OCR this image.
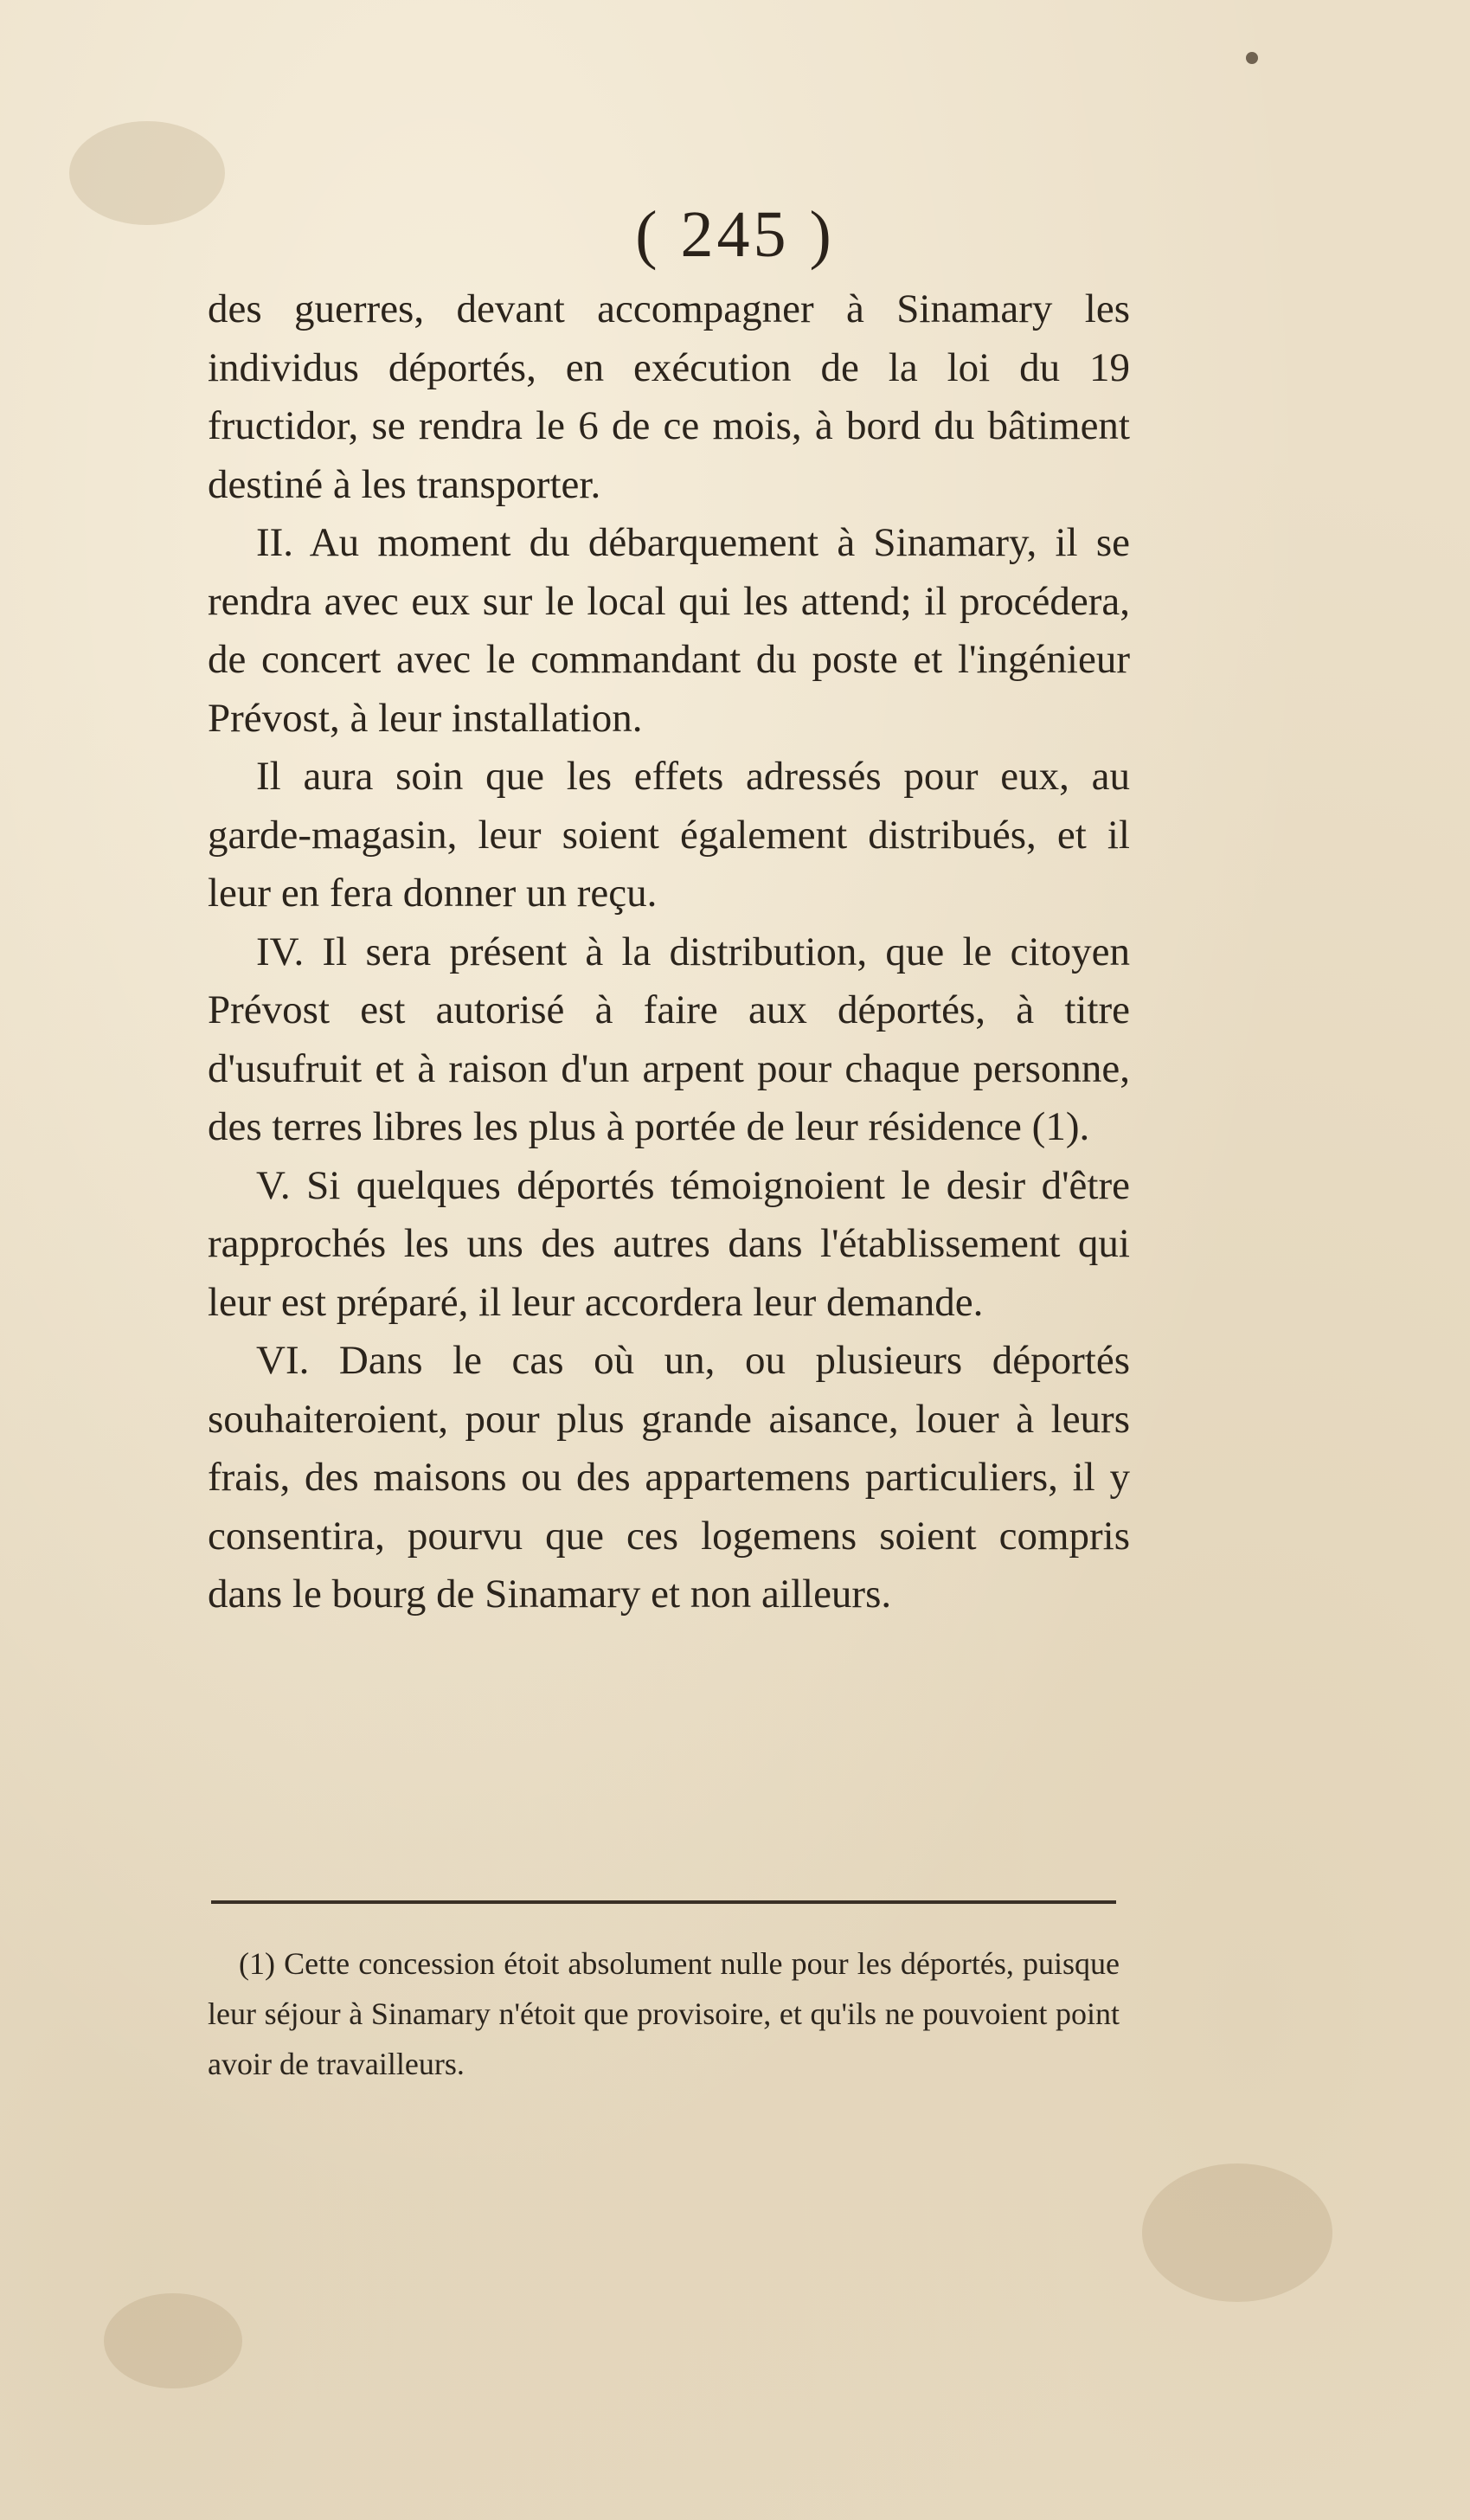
( 245 )

des guerres, devant accompagner à Sinamary les individus déportés, en exécution de la loi du 19 fructidor, se rendra le 6 de ce mois, à bord du bâtiment destiné à les transporter.

II. Au moment du débarquement à Sinamary, il se rendra avec eux sur le local qui les attend; il procédera, de concert avec le commandant du poste et l'ingénieur Prévost, à leur installation.

Il aura soin que les effets adressés pour eux, au garde-magasin, leur soient également distribués, et il leur en fera donner un reçu.

IV. Il sera présent à la distribution, que le citoyen Prévost est autorisé à faire aux déportés, à titre d'usufruit et à raison d'un arpent pour chaque personne, des terres libres les plus à portée de leur résidence (1).

V. Si quelques déportés témoignoient le desir d'être rapprochés les uns des autres dans l'établissement qui leur est préparé, il leur accordera leur demande.

VI. Dans le cas où un, ou plusieurs déportés souhaiteroient, pour plus grande aisance, louer à leurs frais, des maisons ou des appartemens particuliers, il y consentira, pourvu que ces logemens soient compris dans le bourg de Sinamary et non ailleurs.

(1) Cette concession étoit absolument nulle pour les déportés, puisque leur séjour à Sinamary n'étoit que provisoire, et qu'ils ne pouvoient point avoir de travailleurs.
